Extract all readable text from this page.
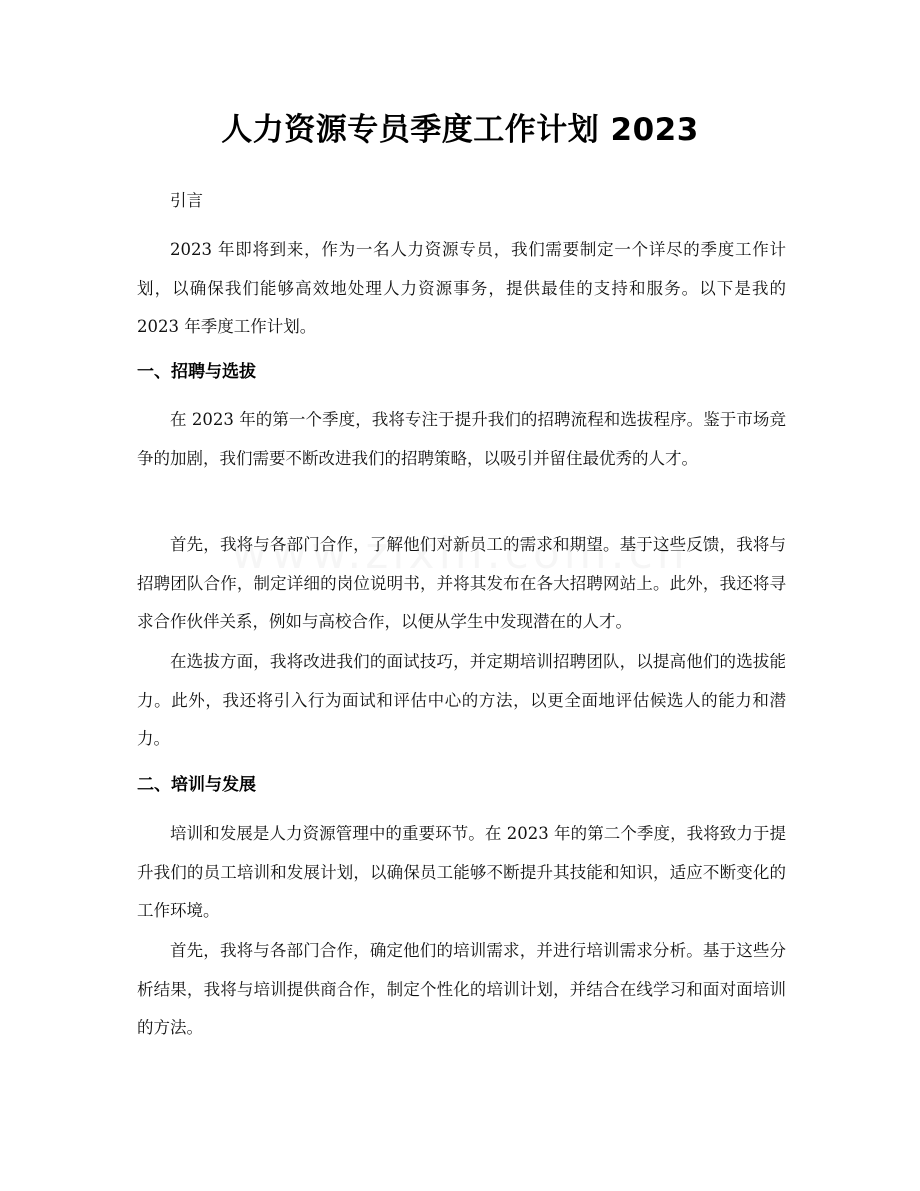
人力资源专员季度工作计划 2023

引言

2023 年即将到来，作为一名人力资源专员，我们需要制定一个详尽的季度工作计划，以确保我们能够高效地处理人力资源事务，提供最佳的支持和服务。以下是我的 2023 年季度工作计划。

一、招聘与选拔

在 2023 年的第一个季度，我将专注于提升我们的招聘流程和选拔程序。鉴于市场竞争的加剧，我们需要不断改进我们的招聘策略，以吸引并留住最优秀的人才。

首先，我将与各部门合作，了解他们对新员工的需求和期望。基于这些反馈，我将与招聘团队合作，制定详细的岗位说明书，并将其发布在各大招聘网站上。此外，我还将寻求合作伙伴关系，例如与高校合作，以便从学生中发现潜在的人才。

在选拔方面，我将改进我们的面试技巧，并定期培训招聘团队，以提高他们的选拔能力。此外，我还将引入行为面试和评估中心的方法，以更全面地评估候选人的能力和潜力。

二、培训与发展

培训和发展是人力资源管理中的重要环节。在 2023 年的第二个季度，我将致力于提升我们的员工培训和发展计划，以确保员工能够不断提升其技能和知识，适应不断变化的工作环境。

首先，我将与各部门合作，确定他们的培训需求，并进行培训需求分析。基于这些分析结果，我将与培训提供商合作，制定个性化的培训计划，并结合在线学习和面对面培训的方法。
